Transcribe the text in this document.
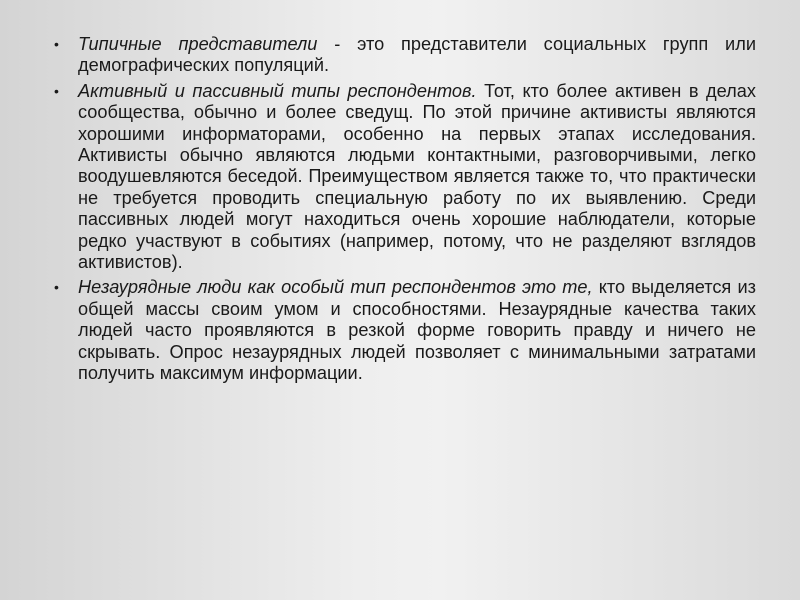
• Типичные представители - это представители социальных групп или демографических популяций.
• Активный и пассивный типы респондентов. Тот, кто более активен в делах сообщества, обычно и более сведущ. По этой причине активисты являются хорошими информаторами, особенно на первых этапах исследования. Активисты обычно являются людьми контактными, разговорчивыми, легко воодушевляются беседой. Преимуществом является также то, что практически не требуется проводить специальную работу по их выявлению. Среди пассивных людей могут находиться очень хорошие наблюдатели, которые редко участвуют в событиях (например, потому, что не разделяют взглядов активистов).
• Незаурядные люди как особый тип респондентов это те, кто выделяется из общей массы своим умом и способностями. Незаурядные качества таких людей часто проявляются в резкой форме говорить правду и ничего не скрывать. Опрос незаурядных людей позволяет с минимальными затратами получить максимум информации.
